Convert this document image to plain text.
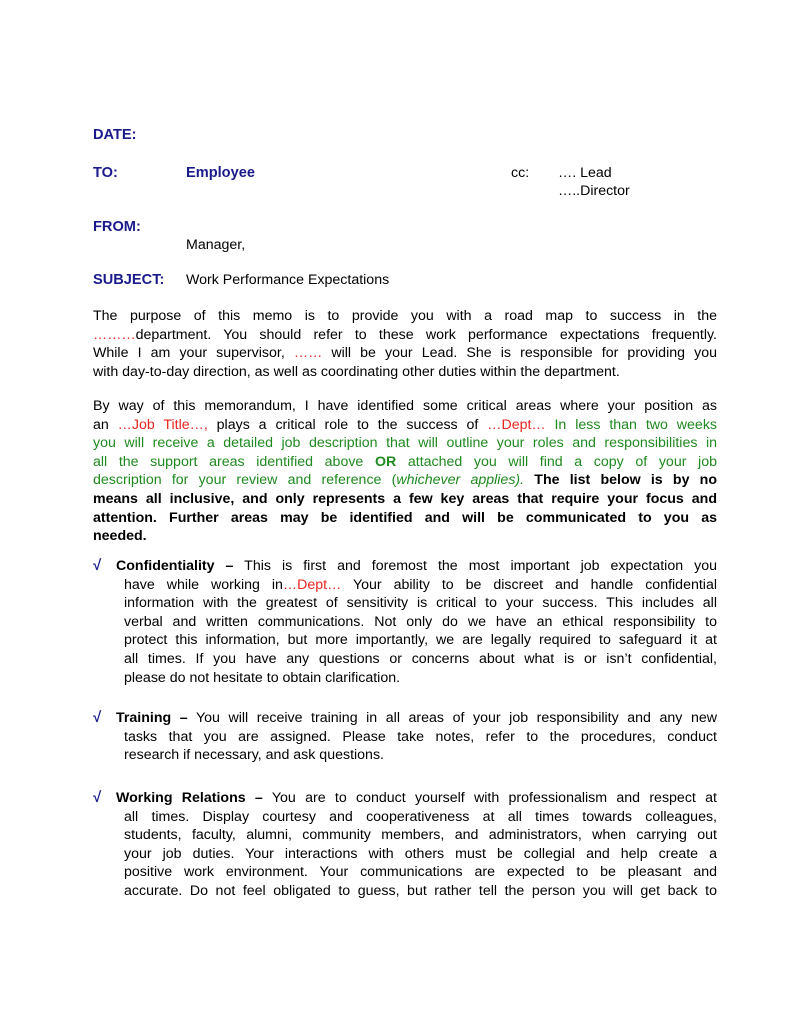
DATE:
TO:	Employee	cc: …. Lead
…..Director
FROM:
Manager,
SUBJECT: Work Performance Expectations
The purpose of this memo is to provide you with a road map to success in the
………department. You should refer to these work performance expectations frequently.
While I am your supervisor, …… will be your Lead. She is responsible for providing you
with day-to-day direction, as well as coordinating other duties within the department.
By way of this memorandum, I have identified some critical areas where your position as
an …Job Title…, plays a critical role to the success of …Dept… In less than two weeks
you will receive a detailed job description that will outline your roles and responsibilities in
all the support areas identified above OR attached you will find a copy of your job
description for your review and reference (whichever applies). The list below is by no
means all inclusive, and only represents a few key areas that require your focus and
attention. Further areas may be identified and will be communicated to you as
needed.
√ Confidentiality – This is first and foremost the most important job expectation you
have while working in…Dept… Your ability to be discreet and handle confidential
information with the greatest of sensitivity is critical to your success. This includes all
verbal and written communications. Not only do we have an ethical responsibility to
protect this information, but more importantly, we are legally required to safeguard it at
all times. If you have any questions or concerns about what is or isn’t confidential,
please do not hesitate to obtain clarification.
√ Training – You will receive training in all areas of your job responsibility and any new
tasks that you are assigned. Please take notes, refer to the procedures, conduct
research if necessary, and ask questions.
√ Working Relations – You are to conduct yourself with professionalism and respect at
all times. Display courtesy and cooperativeness at all times towards colleagues,
students, faculty, alumni, community members, and administrators, when carrying out
your job duties. Your interactions with others must be collegial and help create a
positive work environment. Your communications are expected to be pleasant and
accurate. Do not feel obligated to guess, but rather tell the person you will get back to
